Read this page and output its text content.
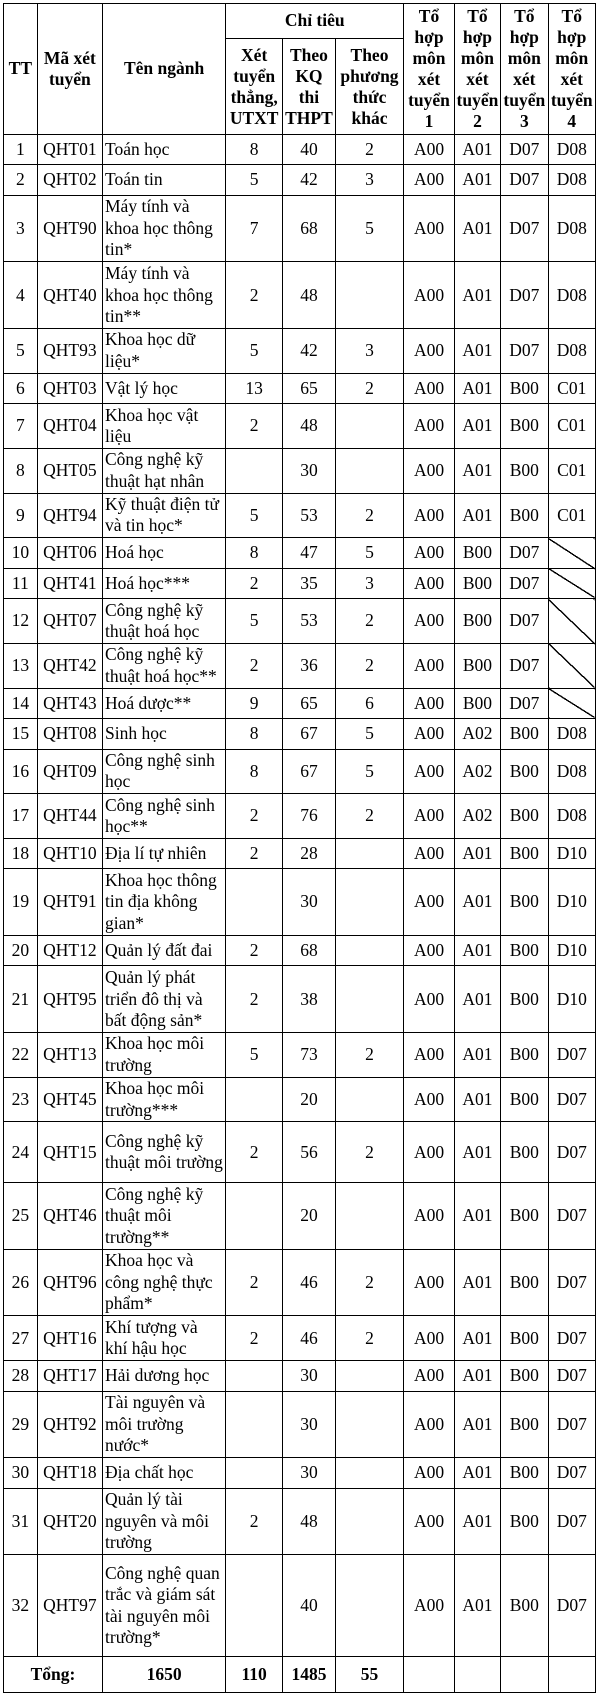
TT	Mã xét tuyển	Tên ngành	Chỉ tiêu			Tổ hợp môn xét tuyển 1	Tổ hợp môn xét tuyển 2	Tổ hợp môn xét tuyển 3	Tổ hợp môn xét tuyển 4
			Xét tuyển thẳng, UTXT	Theo KQ thi THPT	Theo phương thức khác				
1	QHT01	Toán học	8	40	2	A00	A01	D07	D08
2	QHT02	Toán tin	5	42	3	A00	A01	D07	D08
3	QHT90	Máy tính và khoa học thông tin*	7	68	5	A00	A01	D07	D08
4	QHT40	Máy tính và khoa học thông tin**	2	48		A00	A01	D07	D08
5	QHT93	Khoa học dữ liệu*	5	42	3	A00	A01	D07	D08
6	QHT03	Vật lý học	13	65	2	A00	A01	B00	C01
7	QHT04	Khoa học vật liệu	2	48		A00	A01	B00	C01
8	QHT05	Công nghệ kỹ thuật hạt nhân		30		A00	A01	B00	C01
9	QHT94	Kỹ thuật điện tử và tin học*	5	53	2	A00	A01	B00	C01
10	QHT06	Hoá học	8	47	5	A00	B00	D07	
11	QHT41	Hoá học***	2	35	3	A00	B00	D07	
12	QHT07	Công nghệ kỹ thuật hoá học	5	53	2	A00	B00	D07	
13	QHT42	Công nghệ kỹ thuật hoá học**	2	36	2	A00	B00	D07	
14	QHT43	Hoá dược**	9	65	6	A00	B00	D07	
15	QHT08	Sinh học	8	67	5	A00	A02	B00	D08
16	QHT09	Công nghệ sinh học	8	67	5	A00	A02	B00	D08
17	QHT44	Công nghệ sinh học**	2	76	2	A00	A02	B00	D08
18	QHT10	Địa lí tự nhiên	2	28		A00	A01	B00	D10
19	QHT91	Khoa học thông tin địa không gian*		30		A00	A01	B00	D10
20	QHT12	Quản lý đất đai	2	68		A00	A01	B00	D10
21	QHT95	Quản lý phát triển đô thị và bất động sản*	2	38		A00	A01	B00	D10
22	QHT13	Khoa học môi trường	5	73	2	A00	A01	B00	D07
23	QHT45	Khoa học môi trường***		20		A00	A01	B00	D07
24	QHT15	Công nghệ kỹ thuật môi trường	2	56	2	A00	A01	B00	D07
25	QHT46	Công nghệ kỹ thuật môi trường**		20		A00	A01	B00	D07
26	QHT96	Khoa học và công nghệ thực phẩm*	2	46	2	A00	A01	B00	D07
27	QHT16	Khí tượng và khí hậu học	2	46	2	A00	A01	B00	D07
28	QHT17	Hải dương học		30		A00	A01	B00	D07
29	QHT92	Tài nguyên và môi trường nước*		30		A00	A01	B00	D07
30	QHT18	Địa chất học		30		A00	A01	B00	D07
31	QHT20	Quản lý tài nguyên và môi trường	2	48		A00	A01	B00	D07
32	QHT97	Công nghệ quan trắc và giám sát tài nguyên môi trường*		40		A00	A01	B00	D07
Tổng:		1650	110	1485	55				
